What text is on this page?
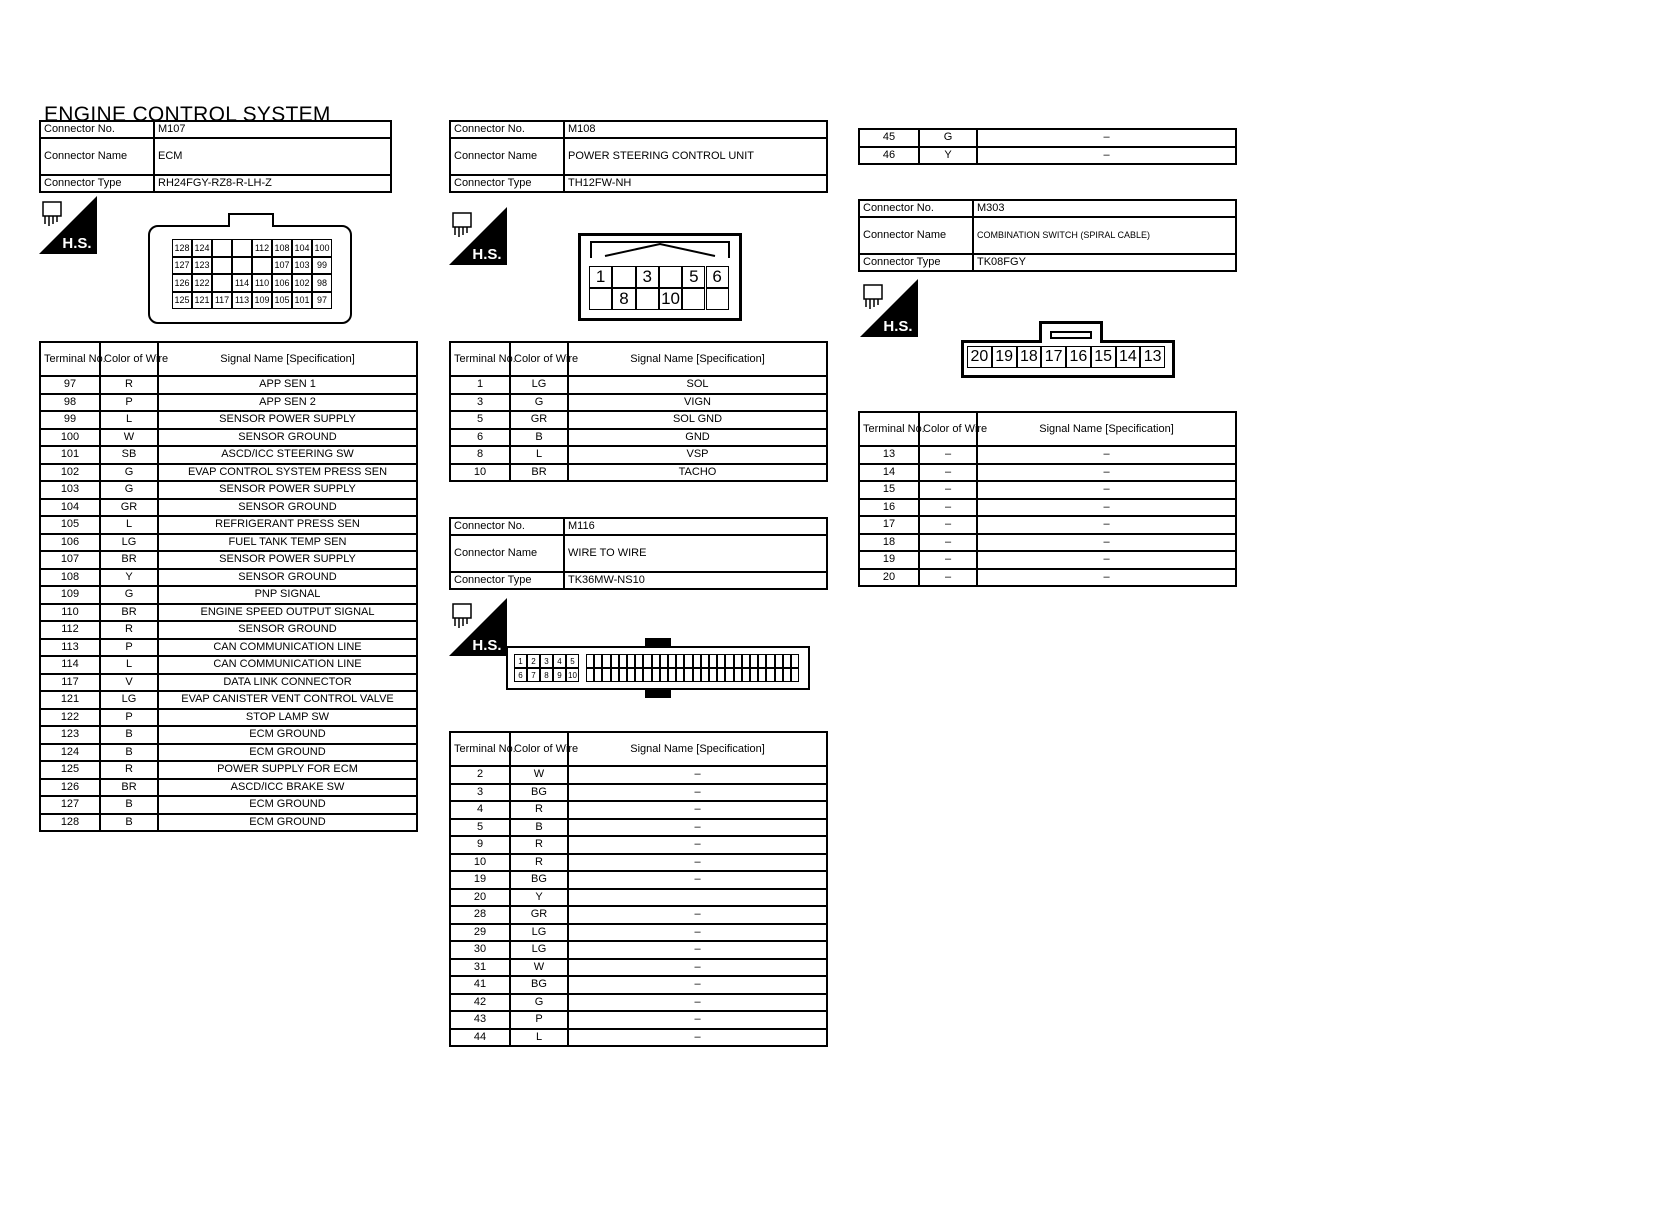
ENGINE CONTROL SYSTEM
Connector No.	M107
Connector Name	ECM
Connector Type	RH24FGY-RZ8-R-LH-Z
H.S.	128 124	112 108 104 100
127 123	107 103 99
126 122	114 110 106 102 98
125 121 117 113 109 105 101 97
Terminal No.	Color of Wire	Signal Name [Specification]
97	R	APP SEN 1
98	P	APP SEN 2
99	L	SENSOR POWER SUPPLY
100	W	SENSOR GROUND
101	SB	ASCD/ICC STEERING SW
102	G	EVAP CONTROL SYSTEM PRESS SEN
103	G	SENSOR POWER SUPPLY
104	GR	SENSOR GROUND
105	L	REFRIGERANT PRESS SEN
106	LG	FUEL TANK TEMP SEN
107	BR	SENSOR POWER SUPPLY
108	Y	SENSOR GROUND
109	G	PNP SIGNAL
110	BR	ENGINE SPEED OUTPUT SIGNAL
112	R	SENSOR GROUND
113	P	CAN COMMUNICATION LINE
114	L	CAN COMMUNICATION LINE
117	V	DATA LINK CONNECTOR
121	LG	EVAP CANISTER VENT CONTROL VALVE
122	P	STOP LAMP SW
123	B	ECM GROUND
124	B	ECM GROUND
125	R	POWER SUPPLY FOR ECM
126	BR	ASCD/ICC BRAKE SW
127	B	ECM GROUND
128	B	ECM GROUND
Connector No.	M108
Connector Name	POWER STEERING CONTROL UNIT
Connector Type	TH12FW-NH
H.S.
1	3	5 6
8	10
Terminal No.	Color of Wire	Signal Name [Specification]
1	LG	SOL
3	G	VIGN
5	GR	SOL GND
6	B	GND
8	L	VSP
10	BR	TACHO
Connector No.	M116
Connector Name	WIRE TO WIRE
Connector Type	TK36MW-NS10
H.S.
1	2	3	4	5
6	7	8	9 10
Terminal No.	Color of Wire	Signal Name [Specification]
2	W	–
3	BG	–
4	R	–
5	B	–
9	R	–
10	R	–
19	BG	–
20	Y	
28	GR	–
29	LG	–
30	LG	–
31	W	–
41	BG	–
42	G	–
43	P	–
44	L	–
45	G	–
46	Y	–
Connector No.	M303
Connector Name	COMBINATION SWITCH (SPIRAL CABLE)
Connector Type	TK08FGY
H.S.
20 19 18 17 16 15 14 13
Terminal No.	Color of Wire	Signal Name [Specification]
13	–	–
14	–	–
15	–	–
16	–	–
17	–	–
18	–	–
19	–	–
20	–	–
